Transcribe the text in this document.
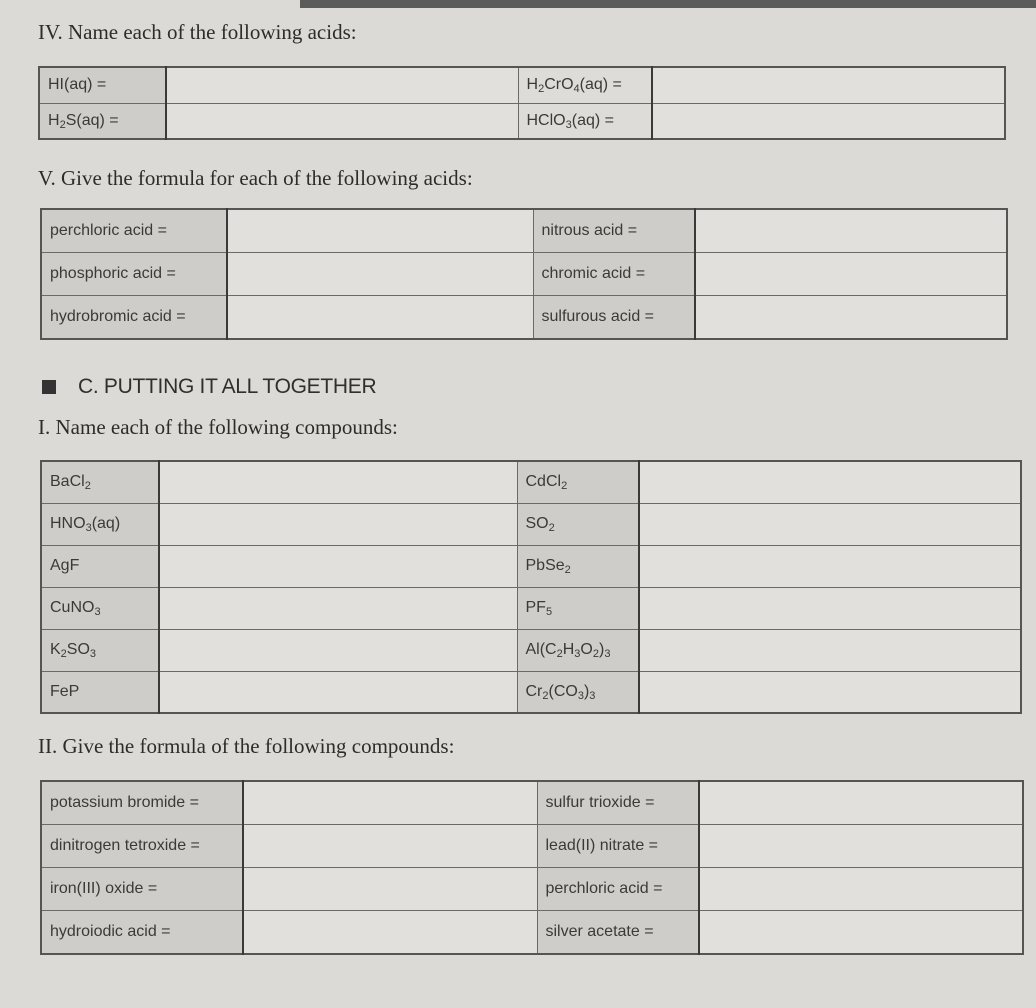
IV. Name each of the following acids:
HI(aq) =		$H_2CrO_4(aq)$ =	
$H_2S(aq)$ =		HClO$_3$(aq) =	
V. Give the formula for each of the following acids:
perchloric acid =		nitrous acid =	
phosphoric acid =		chromic acid =	
hydrobromic acid =		sulfurous acid =	
C. PUTTING IT ALL TOGETHER
I. Name each of the following compounds:
BaCl$_2$		CdCl$_2$	
$HNO_3(aq)$		$SO_2$	
AgF		PbSe$_2$	
CuNO$_3$		$PF_5$	
$K_2SO_3$		$Al(C_2H_3O_2)_3$	
FeP		$Cr_2(CO_3)_3$	
II. Give the formula of the following compounds:
potassium bromide =		sulfur trioxide =	
dinitrogen tetroxide =		lead(II) nitrate =	
iron(III) oxide =		perchloric acid =	
hydroiodic acid =		silver acetate =	
